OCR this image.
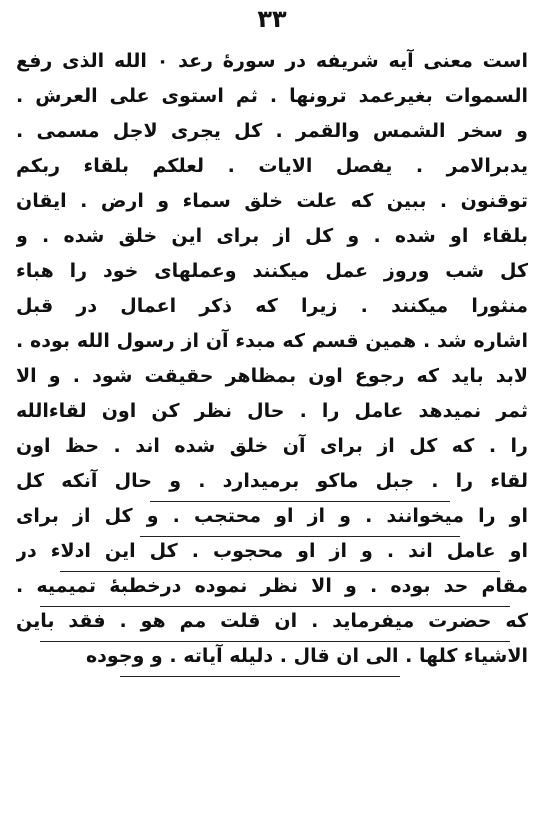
۳۳
است معنی آیه شریفه در سورهٔ رعد ۰ الله الذی رفع
السموات بغیرعمد ترونها . ثم استوی علی العرش .
و سخر الشمس والقمر . کل یجری لاجل مسمی .
یدبرالامر . یفصل الایات . لعلکم بلقاء ربکم
توقنون . ببین که علت خلق سماء و ارض . ایقان
بلقاء او شده . و کل از برای این خلق شده . و
کل شب وروز عمل میکنند وعملهای خود را هباء
منثورا میکنند . زیرا که ذکر اعمال در قبل
اشاره شد . همین قسم که مبدء آن از رسول الله بوده .
لابد باید که رجوع اون بمظاهر حقیقت شود . و الا
ثمر نمیدهد عامل را . حال نظر کن اون لقاءالله
را . که کل از برای آن خلق شده اند . حظ اون
لقاء را . جبل ماکو برمیدارد . و حال آنکه کل
او را میخوانند . و از او محتجب . و کل از برای
او عامل اند . و از او محجوب . کل این ادلاء در
مقام حد بوده . و الا نظر نموده درخطبهٔ تمیمیه .
که حضرت میفرماید . ان قلت مم هو . فقد باین
الاشیاء کلها . الی ان قال . دلیله آیاته . و وجوده
